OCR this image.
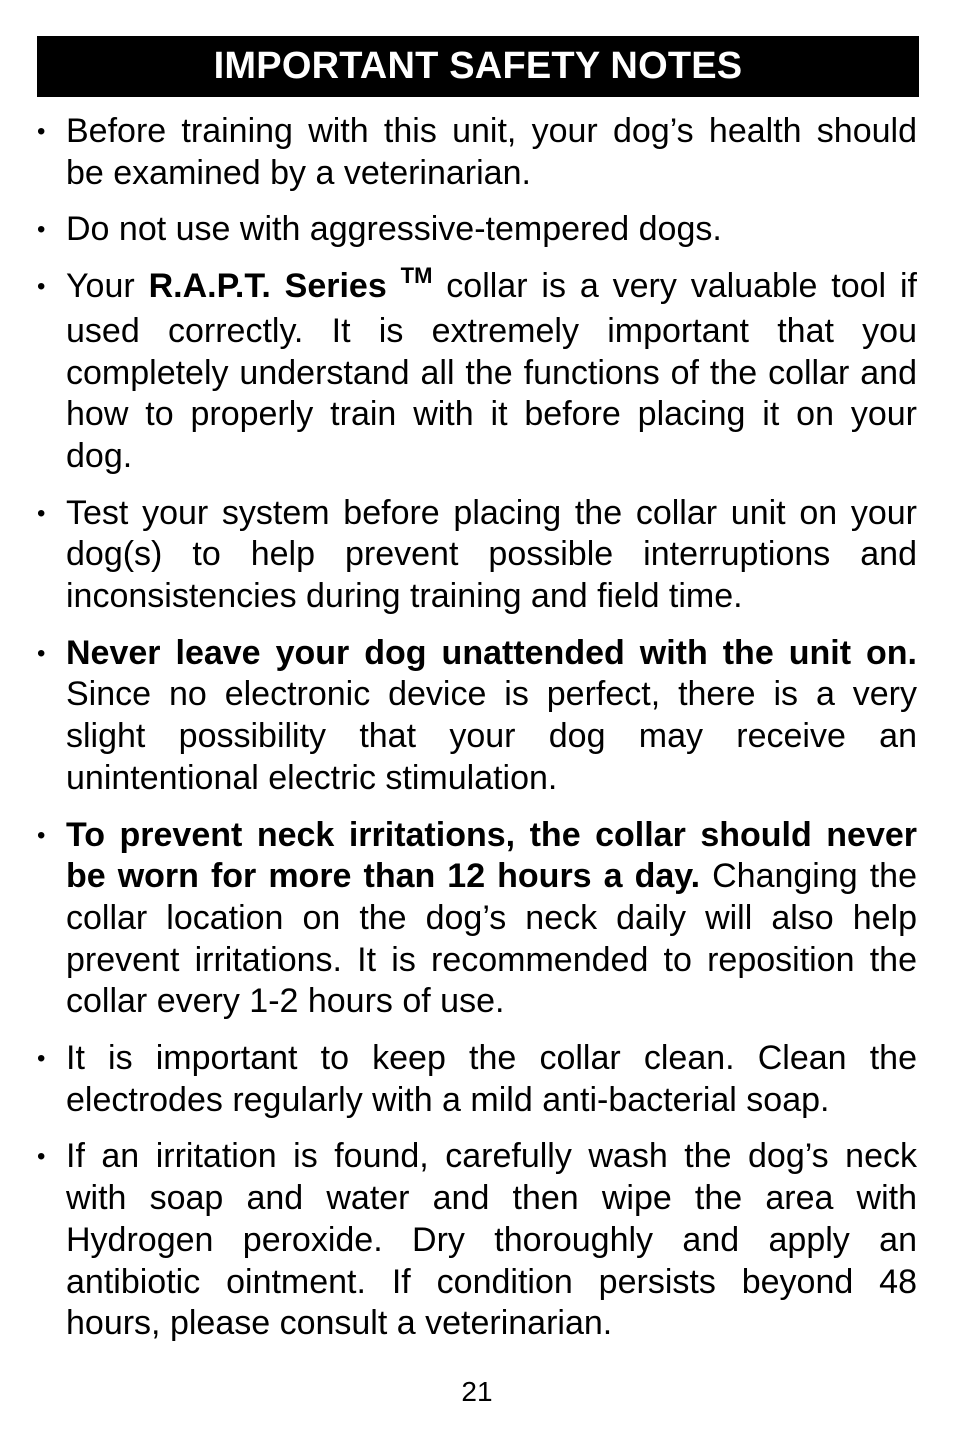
IMPORTANT SAFETY NOTES
• Before training with this unit, your dog’s health should be examined by a veterinarian.
• Do not use with aggressive-tempered dogs.
• Your R.A.P.T. Series ™ collar is a very valuable tool if used correctly. It is extremely important that you completely understand all the functions of the collar and how to properly train with it before placing it on your dog.
• Test your system before placing the collar unit on your dog(s) to help prevent possible interruptions and inconsistencies during training and field time.
• Never leave your dog unattended with the unit on. Since no electronic device is perfect, there is a very slight possibility that your dog may receive an unintentional electric stimulation.
• To prevent neck irritations, the collar should never be worn for more than 12 hours a day. Changing the collar location on the dog’s neck daily will also help prevent irritations. It is recommended to reposition the collar every 1-2 hours of use.
• It is important to keep the collar clean. Clean the electrodes regularly with a mild anti-bacterial soap.
• If an irritation is found, carefully wash the dog’s neck with soap and water and then wipe the area with Hydrogen peroxide. Dry thoroughly and apply an antibiotic ointment. If condition persists beyond 48 hours, please consult a veterinarian.
21
